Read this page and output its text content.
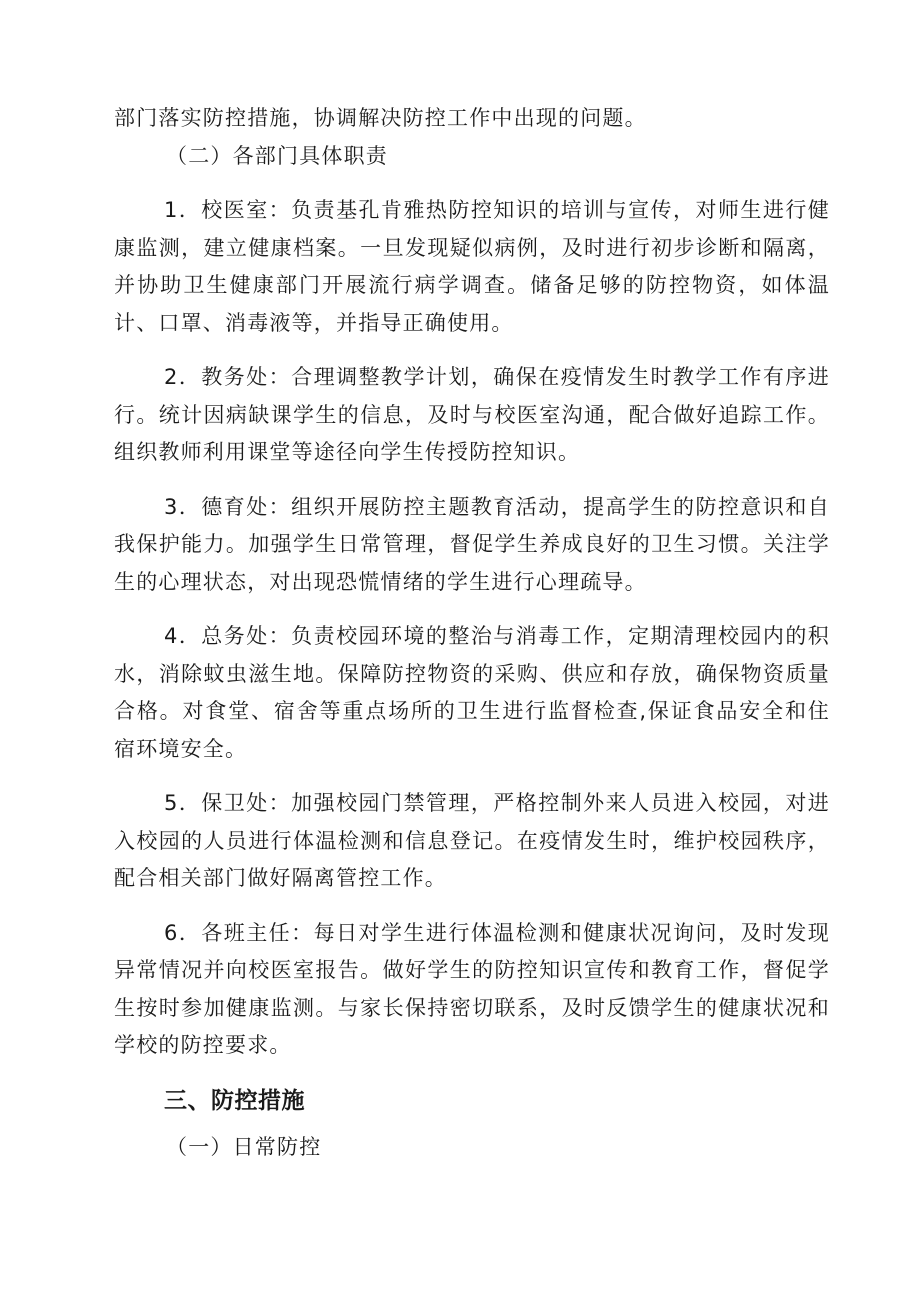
部门落实防控措施，协调解决防控工作中出现的问题。

（二）各部门具体职责

1．校医室：负责基孔肯雅热防控知识的培训与宣传，对师生进行健康监测，建立健康档案。一旦发现疑似病例，及时进行初步诊断和隔离，并协助卫生健康部门开展流行病学调查。储备足够的防控物资，如体温计、口罩、消毒液等，并指导正确使用。

2．教务处：合理调整教学计划，确保在疫情发生时教学工作有序进行。统计因病缺课学生的信息，及时与校医室沟通，配合做好追踪工作。组织教师利用课堂等途径向学生传授防控知识。

3．德育处：组织开展防控主题教育活动，提高学生的防控意识和自我保护能力。加强学生日常管理，督促学生养成良好的卫生习惯。关注学生的心理状态，对出现恐慌情绪的学生进行心理疏导。

4．总务处：负责校园环境的整治与消毒工作，定期清理校园内的积水，消除蚊虫滋生地。保障防控物资的采购、供应和存放，确保物资质量合格。对食堂、宿舍等重点场所的卫生进行监督检查,保证食品安全和住宿环境安全。

5．保卫处：加强校园门禁管理，严格控制外来人员进入校园，对进入校园的人员进行体温检测和信息登记。在疫情发生时，维护校园秩序，配合相关部门做好隔离管控工作。

6．各班主任：每日对学生进行体温检测和健康状况询问，及时发现异常情况并向校医室报告。做好学生的防控知识宣传和教育工作，督促学生按时参加健康监测。与家长保持密切联系，及时反馈学生的健康状况和学校的防控要求。

三、防控措施

（一）日常防控
